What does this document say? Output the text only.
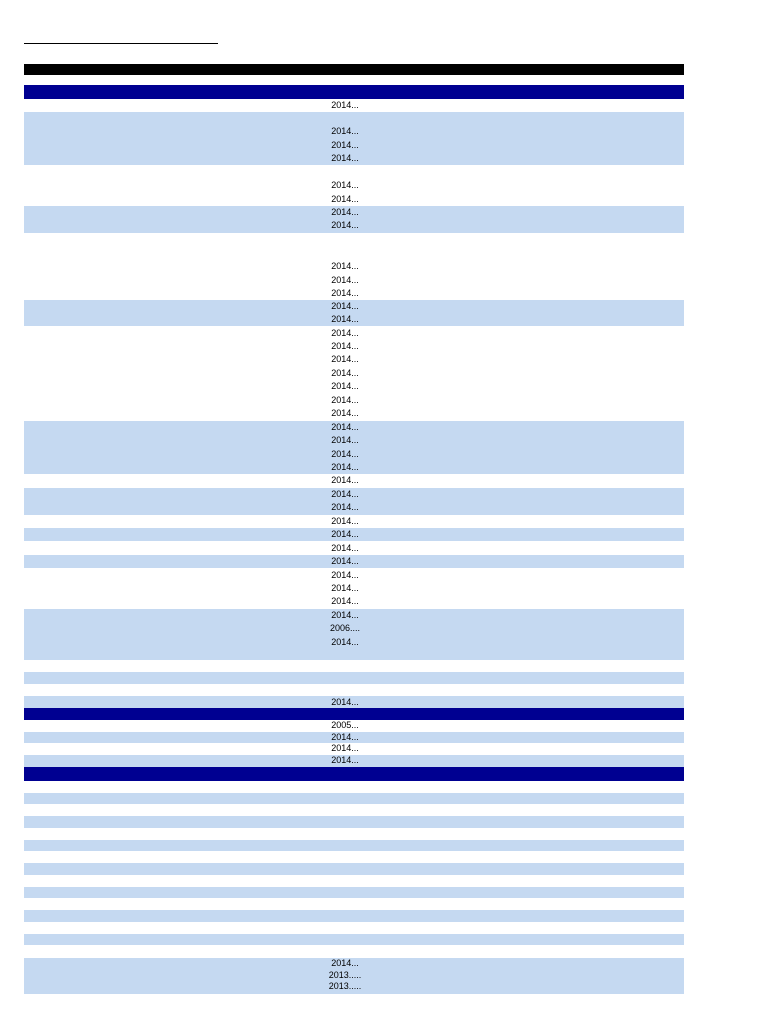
2014...
2014...
2014...
2014...
2014...
2014...
2014...
2014...
2014...
2014...
2014...
2014...
2014...
2014...
2014...
2014...
2014...
2014...
2014...
2014...
2014...
2014...
2014...
2014...
2014...
2014...
2014...
2014...
2014...
2014...
2014...
2014...
2014...
2014...
2014...
2006....
2014...
2014...
2005...
2014...
2014...
2014...
2014...
2013.....
2013.....
